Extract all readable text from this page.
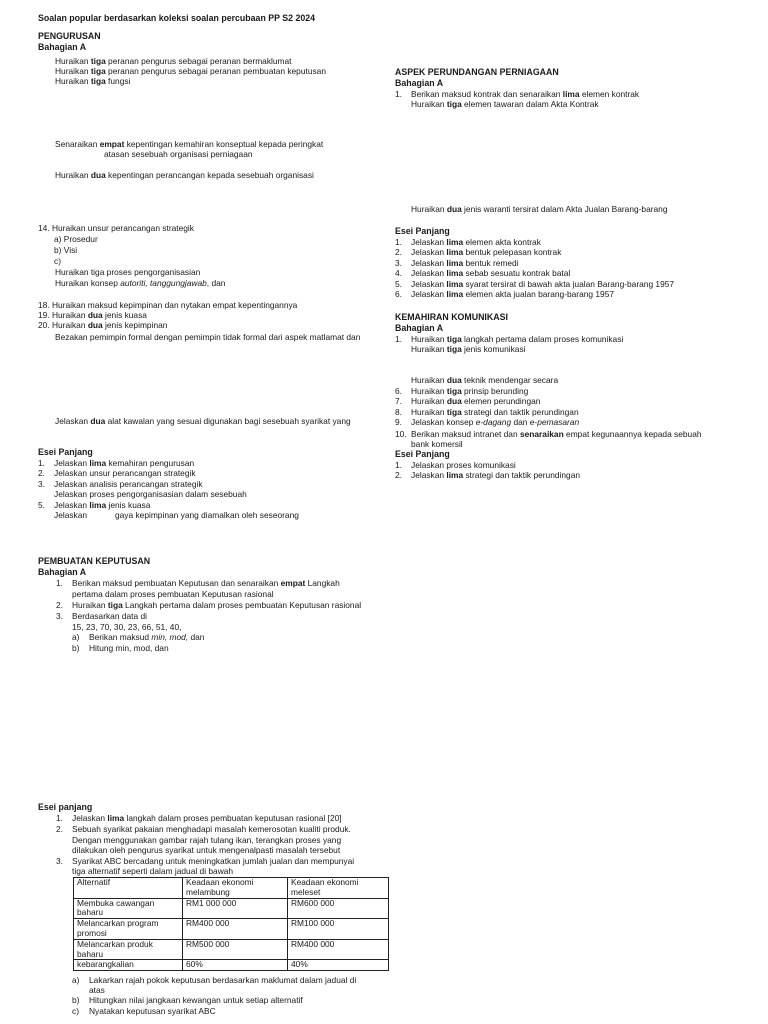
Soalan popular berdasarkan koleksi soalan percubaan PP S2 2024
PENGURUSAN
Bahagian A
Huraikan tiga peranan pengurus sebagai peranan bermaklumat
Huraikan tiga peranan pengurus sebagai peranan pembuatan keputusan
Huraikan tiga fungsi
Senaraikan empat kepentingan kemahiran konseptual kepada peringkat
atasan sesebuah organisasi perniagaan
Huraikan dua kepentingan perancangan kepada sesebuah organisasi
14. Huraikan unsur perancangan strategik
a) Prosedur
b) Visi
c)
Huraikan tiga proses pengorganisasian
Huraikan konsep autoriti, tanggungjawab, dan
18. Huraikan maksud kepimpinan dan nytakan empat kepentingannya
19. Huraikan dua jenis kuasa
20. Huraikan dua jenis kepimpinan
Bezakan pemimpin formal dengan pemimpin tidak formal dari aspek matlamat dan
Jelaskan dua alat kawalan yang sesuai digunakan bagi sesebuah syarikat yang
Esei Panjang
1. Jelaskan lima kemahiran pengurusan
2. Jelaskan unsur perancangan strategik
3. Jelaskan analisis perancangan strategik
Jelaskan proses pengorganisasian dalam sesebuah
5. Jelaskan lima jenis kuasa
Jelaskan            gaya kepimpinan yang diamalkan oleh seseorang
ASPEK PERUNDANGAN PERNIAGAAN
Bahagian A
1. Berikan maksud kontrak dan senaraikan lima elemen kontrak
Huraikan tiga elemen tawaran dalam Akta Kontrak
Huraikan dua jenis waranti tersirat dalam Akta Jualan Barang-barang
Esei Panjang
1. Jelaskan lima elemen akta kontrak
2. Jelaskan lima bentuk pelepasan kontrak
3. Jelaskan lima bentuk remedi
4. Jelaskan lima sebab sesuatu kontrak batal
5. Jelaskan lima syarat tersirat di bawah akta jualan Barang-barang 1957
6. Jelaskan lima elemen akta jualan barang-barang 1957
KEMAHIRAN KOMUNIKASI
Bahagian A
1. Huraikan tiga langkah pertama dalam proses komunikasi
Huraikan tiga jenis komunikasi
Huraikan dua teknik mendengar secara
6. Huraikan tiga prinsip berunding
7. Huraikan dua elemen perundingan
8. Huraikan tiga strategi dan taktik perundingan
9. Jelaskan konsep e-dagang dan e-pemasaran
10. Berikan maksud intranet dan senaraikan empat kegunaannya kepada sebuah
bank komersil
Esei Panjang
1. Jelaskan proses komunikasi
2. Jelaskan lima strategi dan taktik perundingan
PEMBUATAN KEPUTUSAN
Bahagian A
1. Berikan maksud pembuatan Keputusan dan senaraikan empat Langkah
pertama dalam proses pembuatan Keputusan rasional
2. Huraikan tiga Langkah pertama dalam proses pembuatan Keputusan rasional
3. Berdasarkan data di
15, 23, 70, 30, 23, 66, 51, 40,
a) Berikan maksud min, mod, dan
b) Hitung min, mod, dan
Esei panjang
1. Jelaskan lima langkah dalam proses pembuatan keputusan rasional [20]
2. Sebuah syarikat pakaian menghadapi masalah kemerosotan kualiti produk.
Dengan menggunakan gambar rajah tulang ikan, terangkan proses yang
dilakukan oleh pengurus syarikat untuk mengenalpasti masalah tersebut
3. Syarikat ABC bercadang untuk meningkatkan jumlah jualan dan mempunyai
tiga alternatif seperti dalam jadual di bawah
Alternatif	Keadaan ekonomi melambung	Keadaan ekonomi meleset
Membuka cawangan baharu	RM1 000 000	RM600 000
Melancarkan program promosi	RM400 000	RM100 000
Melancarkan produk baharu	RM500 000	RM400 000
kebarangkalian	60%	40%
a) Lakarkan rajah pokok keputusan berdasarkan maklumat dalam jadual di
atas
b) Hitungkan nilai jangkaan kewangan untuk setiap alternatif
c) Nyatakan keputusan syarikat ABC
